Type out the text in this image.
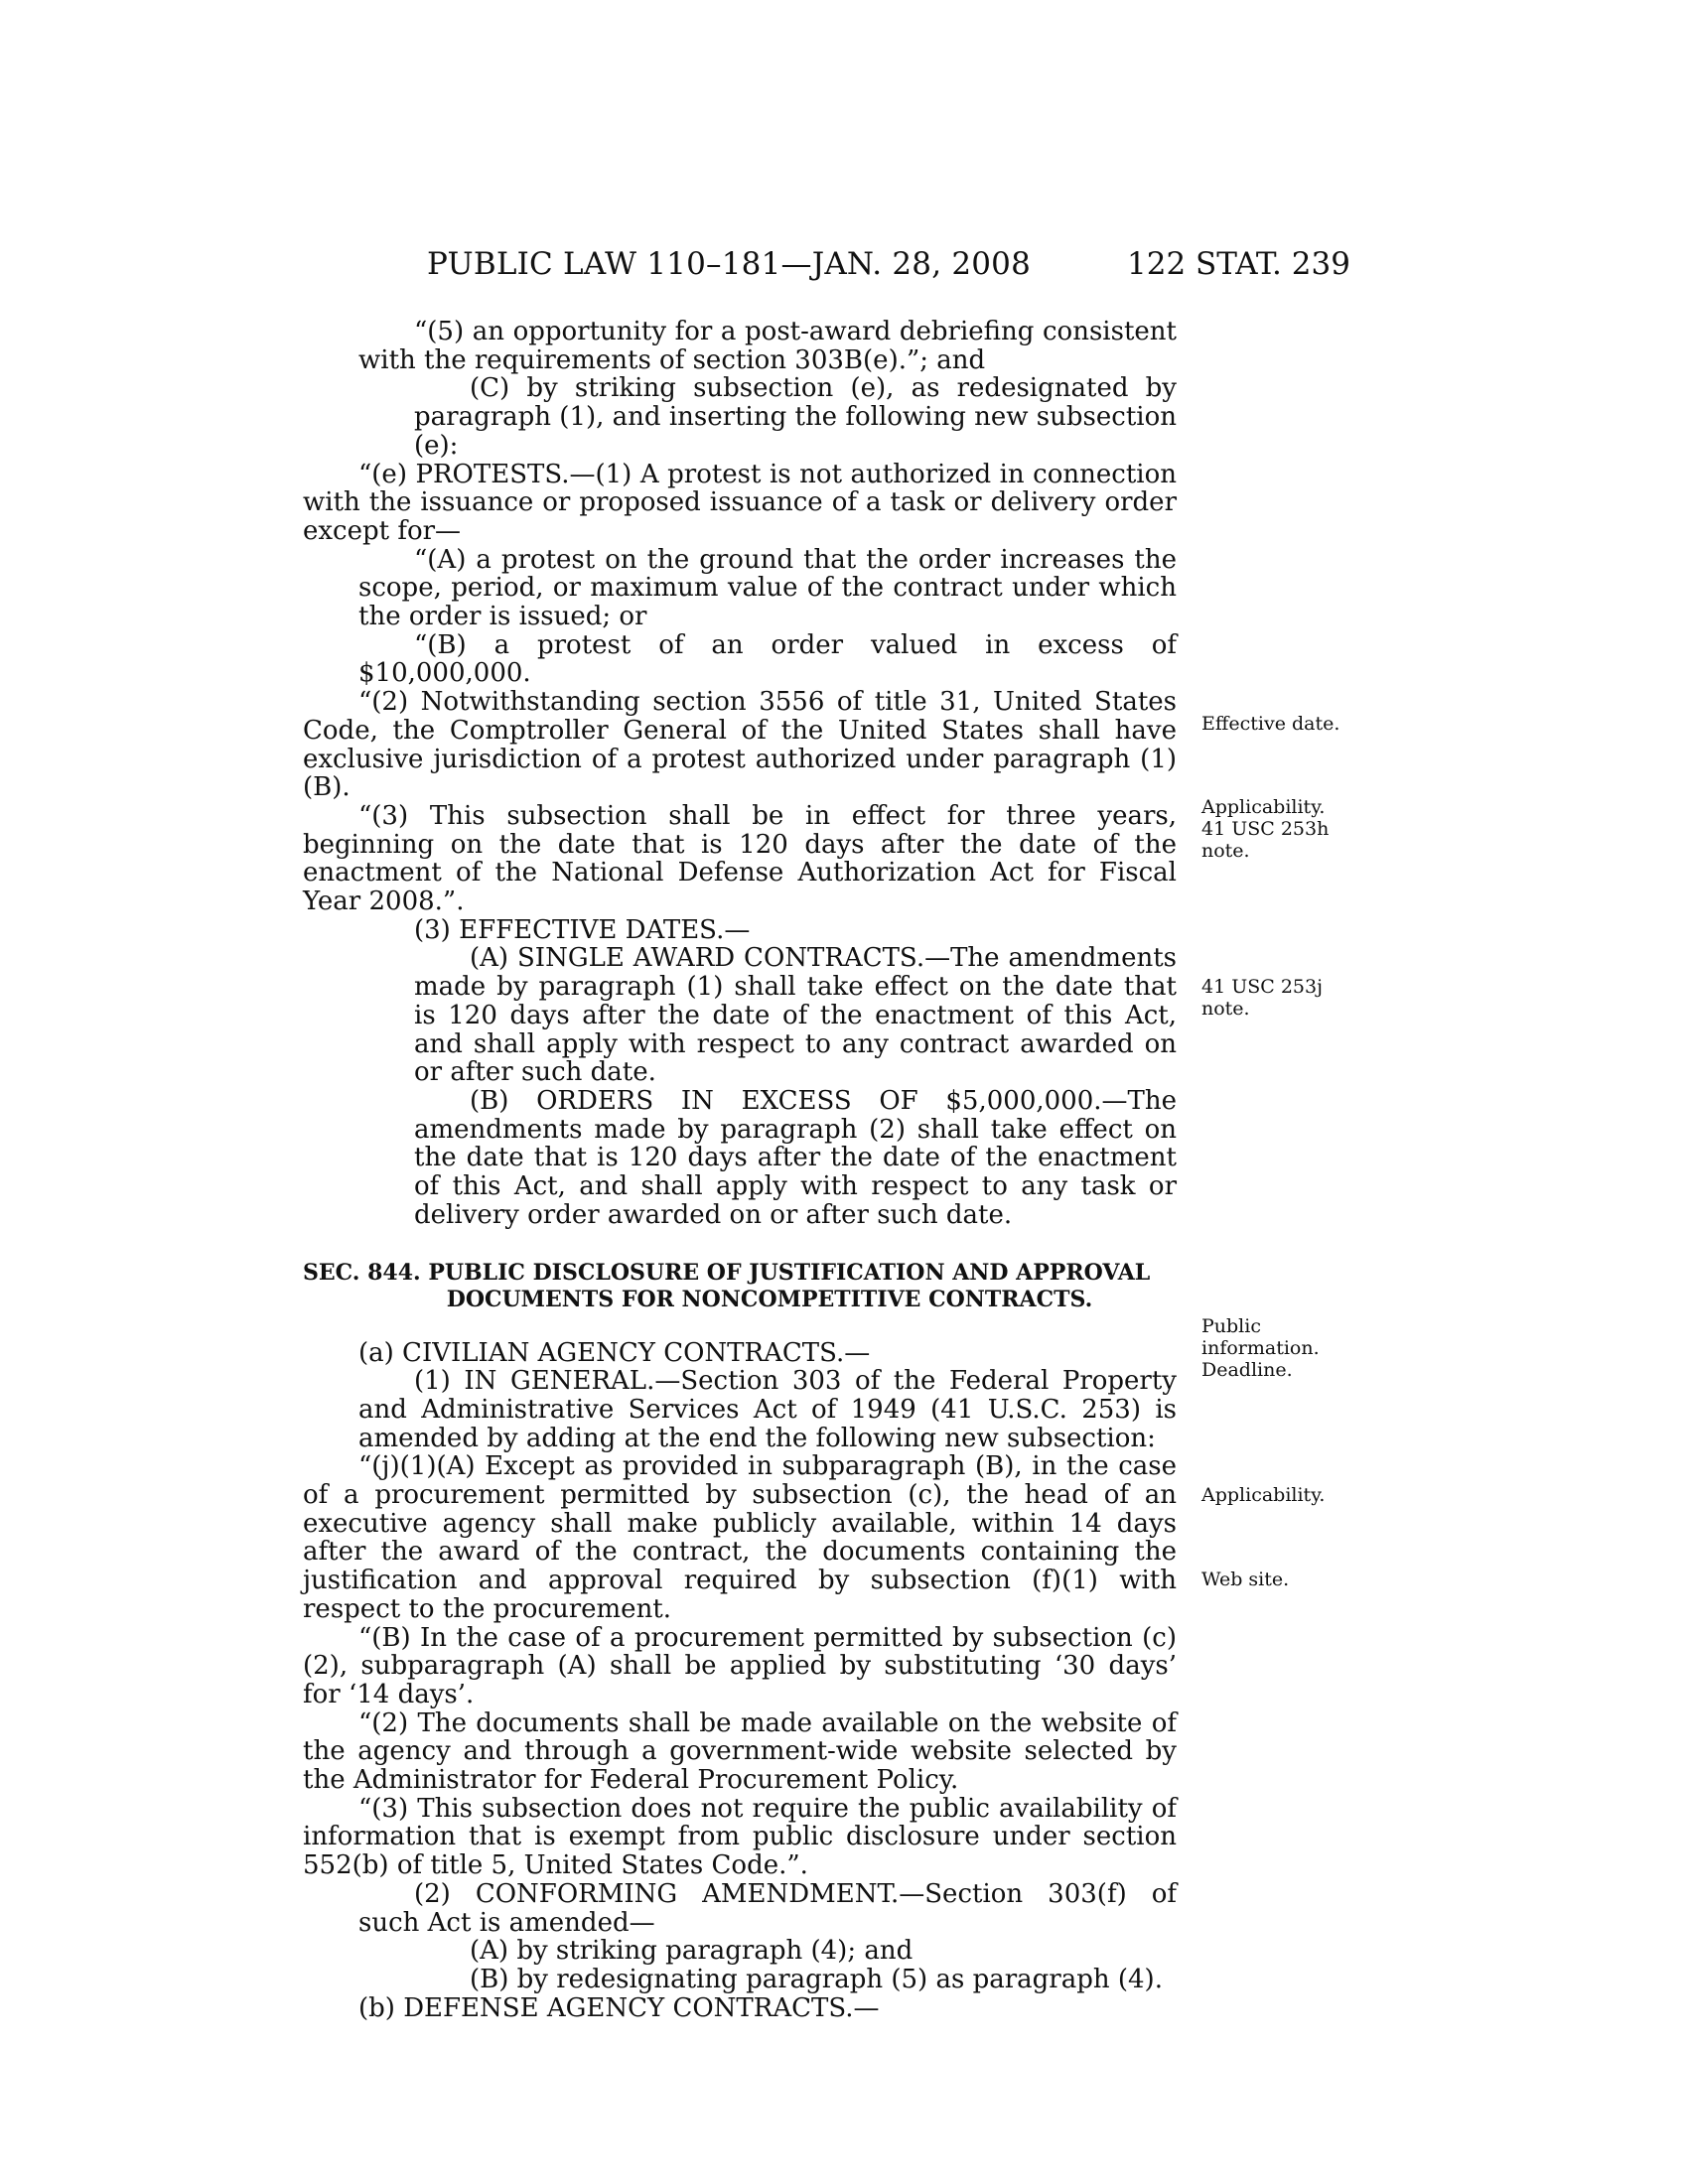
PUBLIC LAW 110–181—JAN. 28, 2008	122 STAT. 239

“(5) an opportunity for a post-award debriefing consistent with the requirements of section 303B(e).”; and

(C) by striking subsection (e), as redesignated by paragraph (1), and inserting the following new subsection (e):

“(e) PROTESTS.—(1) A protest is not authorized in connection with the issuance or proposed issuance of a task or delivery order except for—

“(A) a protest on the ground that the order increases the scope, period, or maximum value of the contract under which the order is issued; or

“(B) a protest of an order valued in excess of $10,000,000.

“(2) Notwithstanding section 3556 of title 31, United States Code, the Comptroller General of the United States shall have exclusive jurisdiction of a protest authorized under paragraph (1)(B).

“(3) This subsection shall be in effect for three years, beginning on the date that is 120 days after the date of the enactment of the National Defense Authorization Act for Fiscal Year 2008.”.

(3) EFFECTIVE DATES.—

(A) SINGLE AWARD CONTRACTS.—The amendments made by paragraph (1) shall take effect on the date that is 120 days after the date of the enactment of this Act, and shall apply with respect to any contract awarded on or after such date.

(B) ORDERS IN EXCESS OF $5,000,000.—The amendments made by paragraph (2) shall take effect on the date that is 120 days after the date of the enactment of this Act, and shall apply with respect to any task or delivery order awarded on or after such date.

SEC. 844. PUBLIC DISCLOSURE OF JUSTIFICATION AND APPROVAL
DOCUMENTS FOR NONCOMPETITIVE CONTRACTS.

(a) CIVILIAN AGENCY CONTRACTS.—

(1) IN GENERAL.—Section 303 of the Federal Property and Administrative Services Act of 1949 (41 U.S.C. 253) is amended by adding at the end the following new subsection:

“(j)(1)(A) Except as provided in subparagraph (B), in the case of a procurement permitted by subsection (c), the head of an executive agency shall make publicly available, within 14 days after the award of the contract, the documents containing the justification and approval required by subsection (f)(1) with respect to the procurement.

“(B) In the case of a procurement permitted by subsection (c)(2), subparagraph (A) shall be applied by substituting ‘30 days’ for ‘14 days’.

“(2) The documents shall be made available on the website of the agency and through a government-wide website selected by the Administrator for Federal Procurement Policy.

“(3) This subsection does not require the public availability of information that is exempt from public disclosure under section 552(b) of title 5, United States Code.”.

(2) CONFORMING AMENDMENT.—Section 303(f) of such Act is amended—

(A) by striking paragraph (4); and

(B) by redesignating paragraph (5) as paragraph (4).

(b) DEFENSE AGENCY CONTRACTS.—

Effective date.
Applicability.
41 USC 253h
note.
41 USC 253j
note.
Public
information.
Deadline.
Applicability.
Web site.
